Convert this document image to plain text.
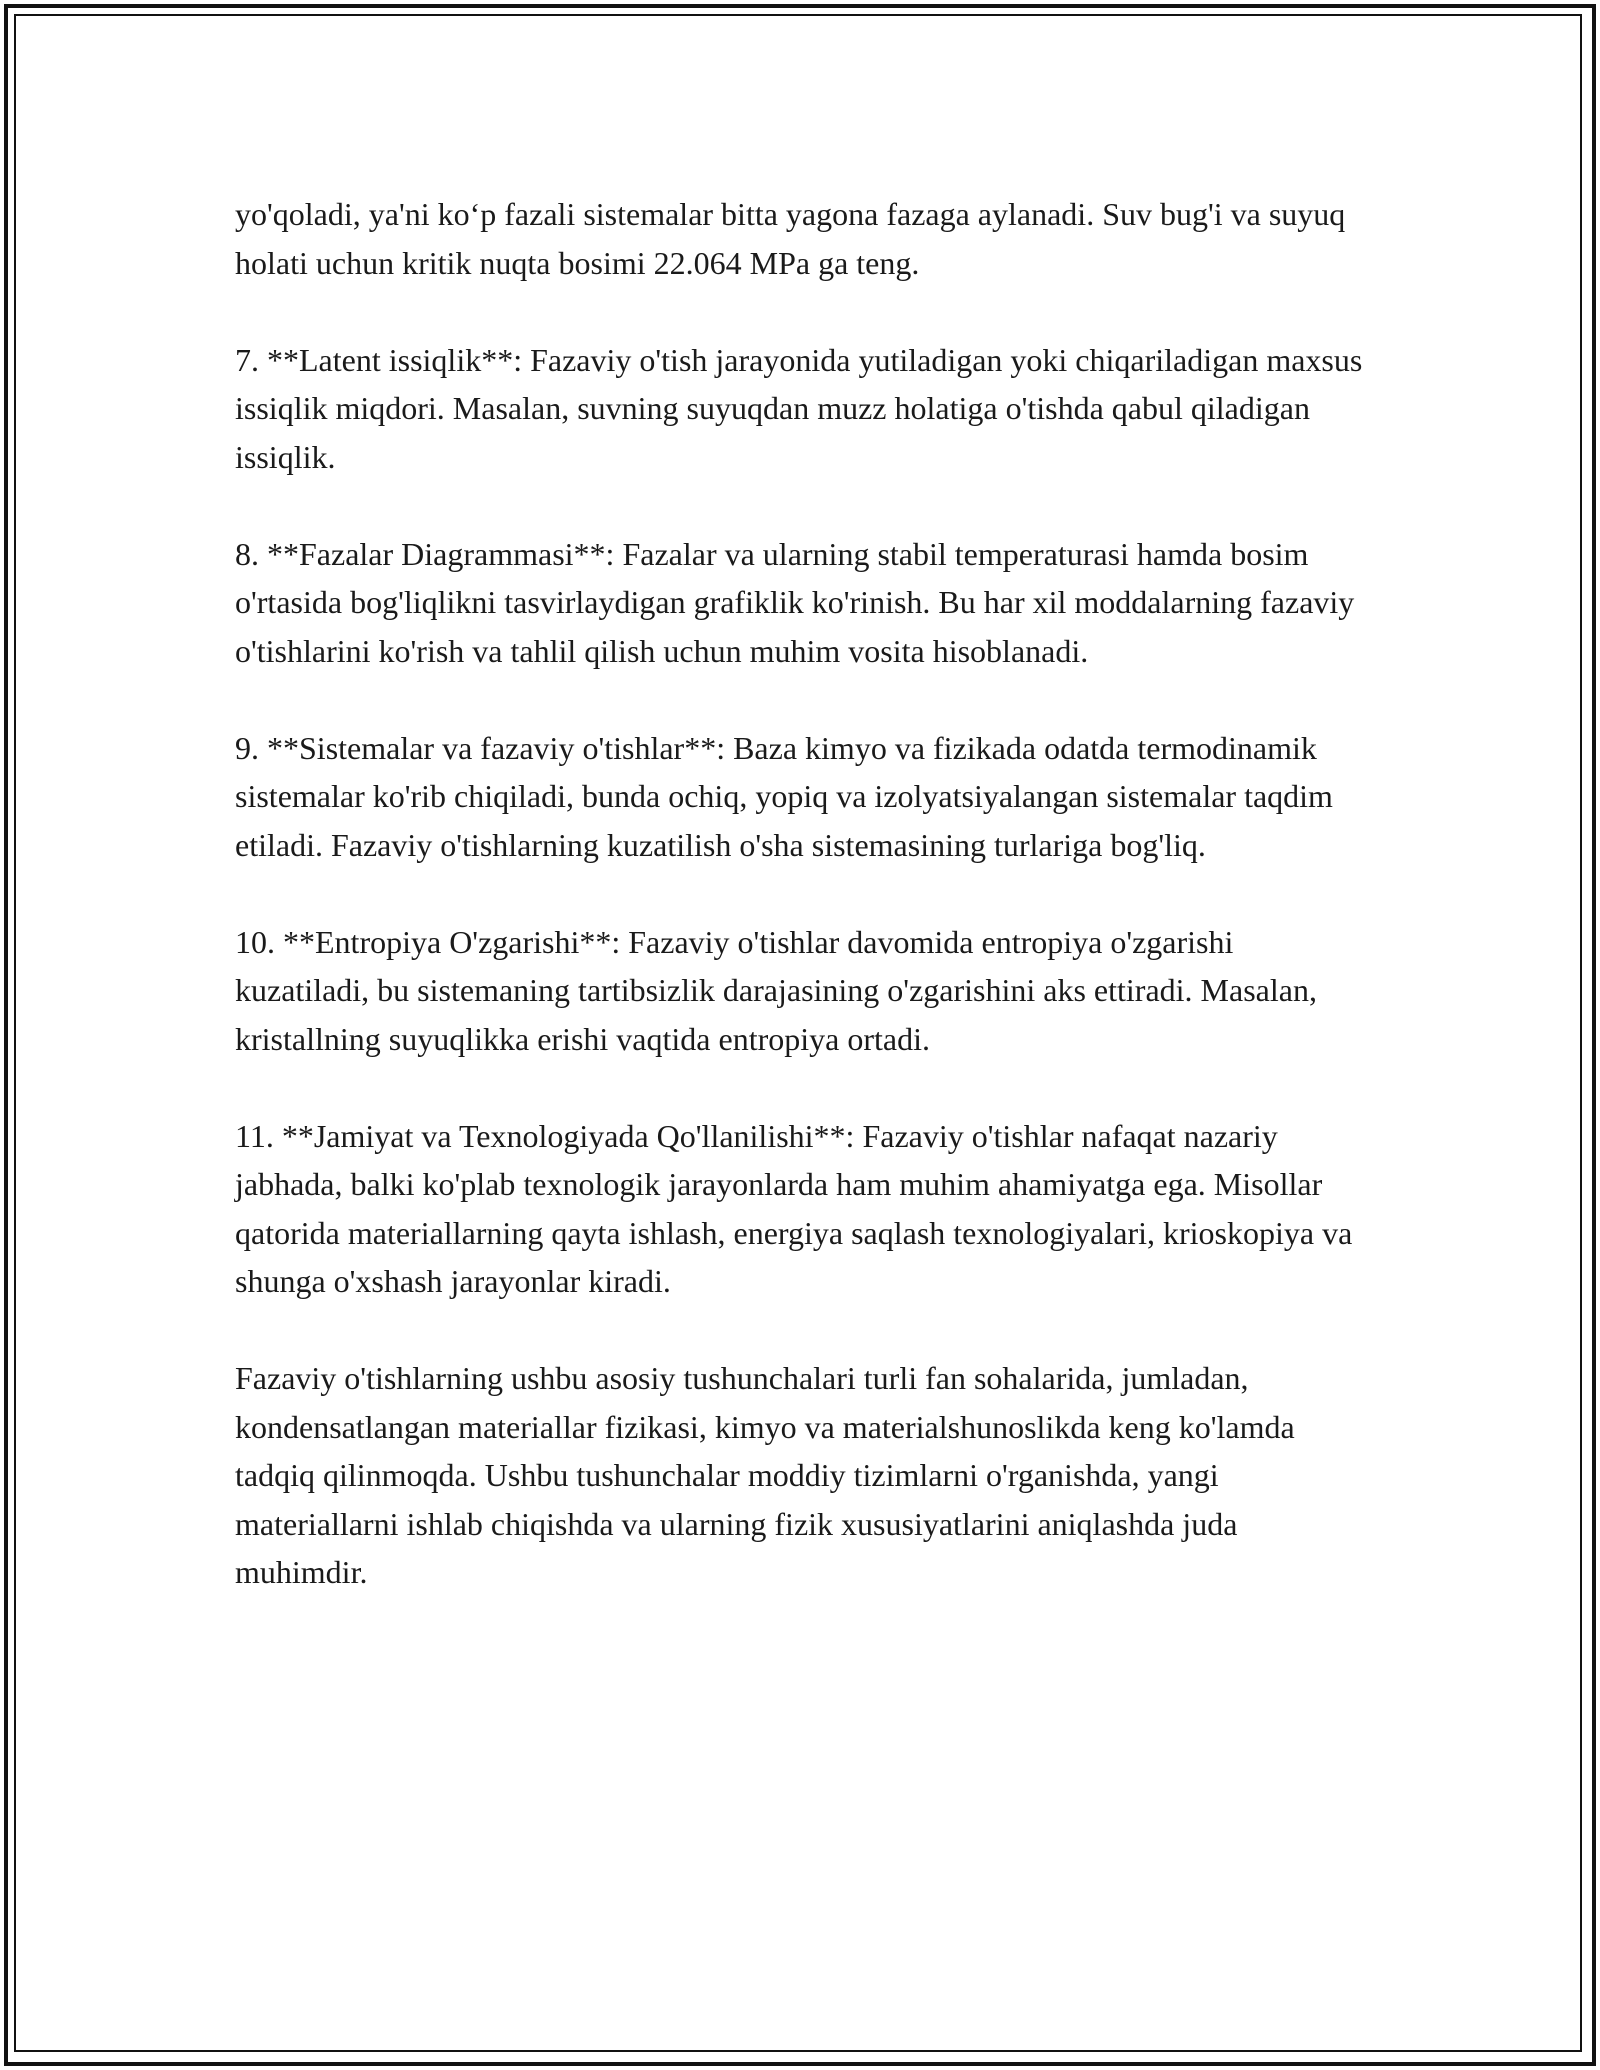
yo'qoladi, ya'ni ko‘p fazali sistemalar bitta yagona fazaga aylanadi. Suv bug'i va suyuq holati uchun kritik nuqta bosimi 22.064 MPa ga teng.

7. **Latent issiqlik**: Fazaviy o'tish jarayonida yutiladigan yoki chiqariladigan maxsus issiqlik miqdori. Masalan, suvning suyuqdan muzz holatiga o'tishda qabul qiladigan issiqlik.

8. **Fazalar Diagrammasi**: Fazalar va ularning stabil temperaturasi hamda bosim o'rtasida bog'liqlikni tasvirlaydigan grafiklik ko'rinish. Bu har xil moddalarning fazaviy o'tishlarini ko'rish va tahlil qilish uchun muhim vosita hisoblanadi.

9. **Sistemalar va fazaviy o'tishlar**: Baza kimyo va fizikada odatda termodinamik sistemalar ko'rib chiqiladi, bunda ochiq, yopiq va izolyatsiyalangan sistemalar taqdim etiladi. Fazaviy o'tishlarning kuzatilish o'sha sistemasining turlariga bog'liq.

10. **Entropiya O'zgarishi**: Fazaviy o'tishlar davomida entropiya o'zgarishi kuzatiladi, bu sistemaning tartibsizlik darajasining o'zgarishini aks ettiradi. Masalan, kristallning suyuqlikka erishi vaqtida entropiya ortadi.

11. **Jamiyat va Texnologiyada Qo'llanilishi**: Fazaviy o'tishlar nafaqat nazariy jabhada, balki ko'plab texnologik jarayonlarda ham muhim ahamiyatga ega. Misollar qatorida materiallarning qayta ishlash, energiya saqlash texnologiyalari, krioskopiya va shunga o'xshash jarayonlar kiradi.

Fazaviy o'tishlarning ushbu asosiy tushunchalari turli fan sohalarida, jumladan, kondensatlangan materiallar fizikasi, kimyo va materialshunoslikda keng ko'lamda tadqiq qilinmoqda. Ushbu tushunchalar moddiy tizimlarni o'rganishda, yangi materiallarni ishlab chiqishda va ularning fizik xususiyatlarini aniqlashda juda muhimdir.
